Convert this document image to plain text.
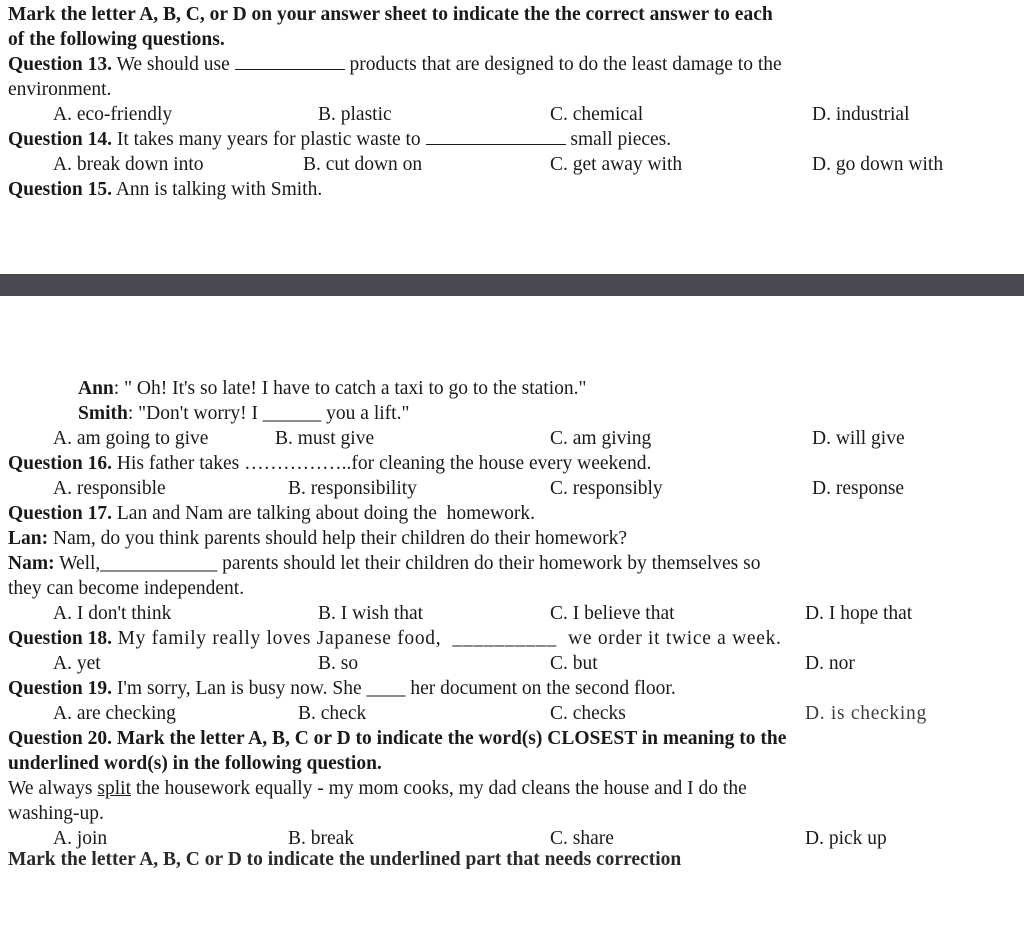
Mark the letter A, B, C, or D on your answer sheet to indicate the the correct answer to each
of the following questions.
Question 13. We should use	products that are designed to do the least damage to the
environment.
A. eco-friendly	B. plastic	C. chemical	D. industrial
Question 14. It takes many years for plastic waste to	small pieces.
A. break down into	B. cut down on	C. get away with	D. go down with
Question 15. Ann is talking with Smith.
Ann: " Oh! It's so late! I have to catch a taxi to go to the station."
Smith: "Don't worry! I ______ you a lift."
A. am going to give	B. must give	C. am giving	D. will give
Question 16. His father takes ……………..for cleaning the house every weekend.
A. responsible	B. responsibility	C. responsibly	D. response
Question 17. Lan and Nam are talking about doing the  homework.
Lan: Nam, do you think parents should help their children do their homework?
Nam: Well,____________ parents should let their children do their homework by themselves so
they can become independent.
A. I don't think	B. I wish that	C. I believe that	D. I hope that
Question 18. My family really loves Japanese food,  __________  we order it twice a week.
A. yet	B. so	C. but	D. nor
Question 19. I'm sorry, Lan is busy now. She ____ her document on the second floor.
A. are checking	B. check	C. checks	D. is checking
Question 20. Mark the letter A, B, C or D to indicate the word(s) CLOSEST in meaning to the
underlined word(s) in the following question.
We always split the housework equally - my mom cooks, my dad cleans the house and I do the
washing-up.
A. join	B. break	C. share	D. pick up
Mark the letter A, B, C or D to indicate the underlined part that needs correction
